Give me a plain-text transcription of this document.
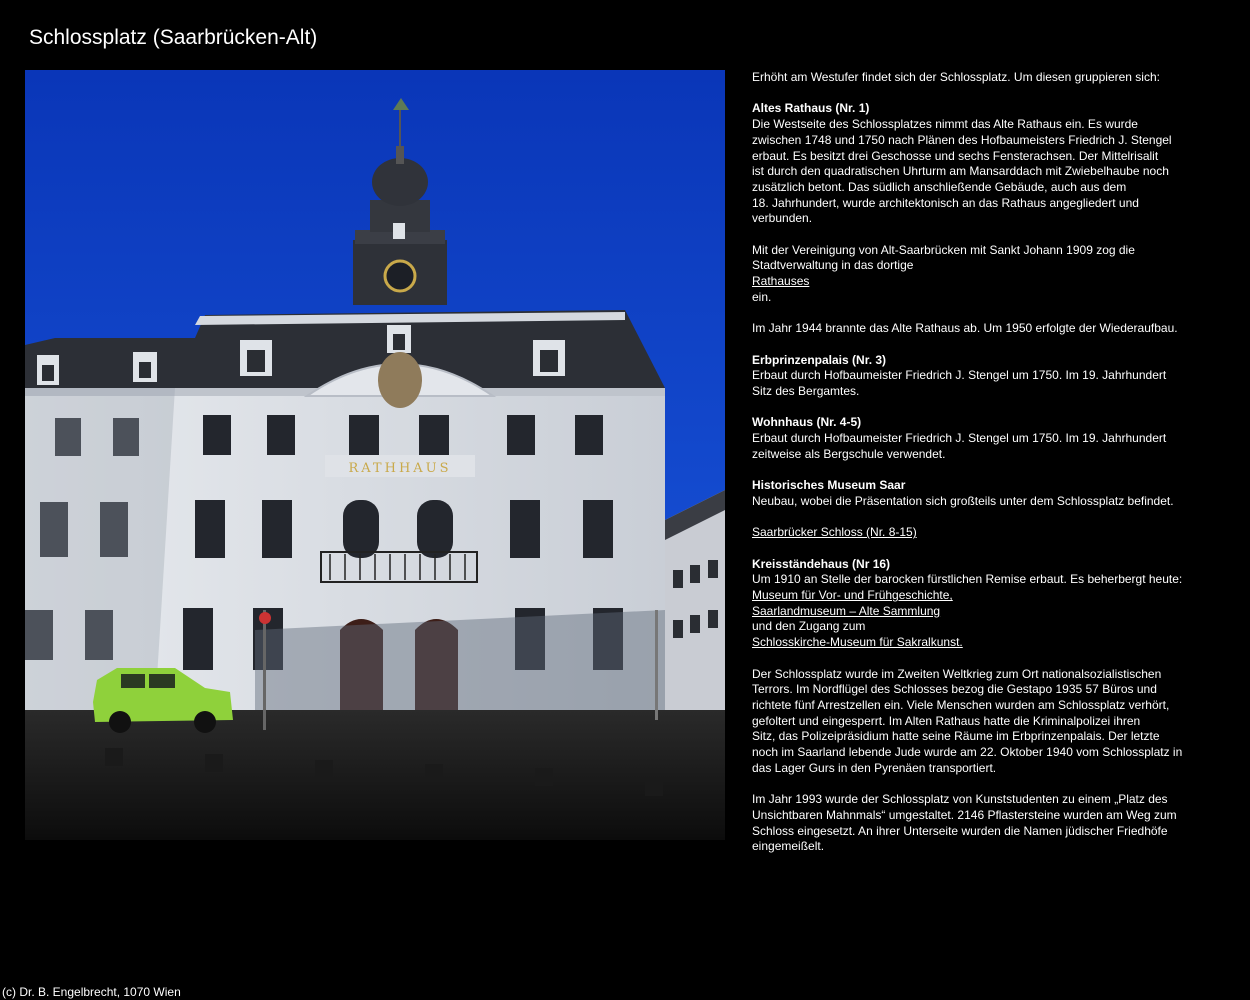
Schlossplatz (Saarbrücken-Alt)
RATHHAUS

Erhöht am Westufer findet sich der Schlossplatz. Um diesen gruppieren sich:

Altes Rathaus (Nr. 1)
Die Westseite des Schlossplatzes nimmt das Alte Rathaus ein. Es wurde
zwischen 1748 und 1750 nach Plänen des Hofbaumeisters Friedrich J. Stengel
erbaut. Es besitzt drei Geschosse und sechs Fensterachsen. Der Mittelrisalit
ist durch den quadratischen Uhrturm am Mansarddach mit Zwiebelhaube noch
zusätzlich betont. Das südlich anschließende Gebäude, auch aus dem
18. Jahrhundert, wurde architektonisch an das Rathaus angegliedert und
verbunden.

Mit der Vereinigung von Alt-Saarbrücken mit Sankt Johann 1909 zog die
Stadtverwaltung in das dortige
Rathauses
ein.

Im Jahr 1944 brannte das Alte Rathaus ab. Um 1950 erfolgte der Wiederaufbau.

Erbprinzenpalais (Nr. 3)
Erbaut durch Hofbaumeister Friedrich J. Stengel um 1750. Im 19. Jahrhundert
Sitz des Bergamtes.

Wohnhaus (Nr. 4-5)
Erbaut durch Hofbaumeister Friedrich J. Stengel um 1750. Im 19. Jahrhundert
zeitweise als Bergschule verwendet.

Historisches Museum Saar
Neubau, wobei die Präsentation sich großteils unter dem Schlossplatz befindet.

Saarbrücker Schloss (Nr. 8-15)

Kreisständehaus (Nr 16)
Um 1910 an Stelle der barocken fürstlichen Remise erbaut. Es beherbergt heute:
Museum für Vor- und Frühgeschichte,
Saarlandmuseum – Alte Sammlung
und den Zugang zum
Schlosskirche-Museum für Sakralkunst.

Der Schlossplatz wurde im Zweiten Weltkrieg zum Ort nationalsozialistischen
Terrors. Im Nordflügel des Schlosses bezog die Gestapo 1935 57 Büros und
richtete fünf Arrestzellen ein. Viele Menschen wurden am Schlossplatz verhört,
gefoltert und eingesperrt. Im Alten Rathaus hatte die Kriminalpolizei ihren
Sitz, das Polizeipräsidium hatte seine Räume im Erbprinzenpalais. Der letzte
noch im Saarland lebende Jude wurde am 22. Oktober 1940 vom Schlossplatz in
das Lager Gurs in den Pyrenäen transportiert.

Im Jahr 1993 wurde der Schlossplatz von Kunststudenten zu einem „Platz des
Unsichtbaren Mahnmals“ umgestaltet. 2146 Pflastersteine wurden am Weg zum
Schloss eingesetzt. An ihrer Unterseite wurden die Namen jüdischer Friedhöfe
eingemeißelt.

(c) Dr. B. Engelbrecht, 1070 Wien
